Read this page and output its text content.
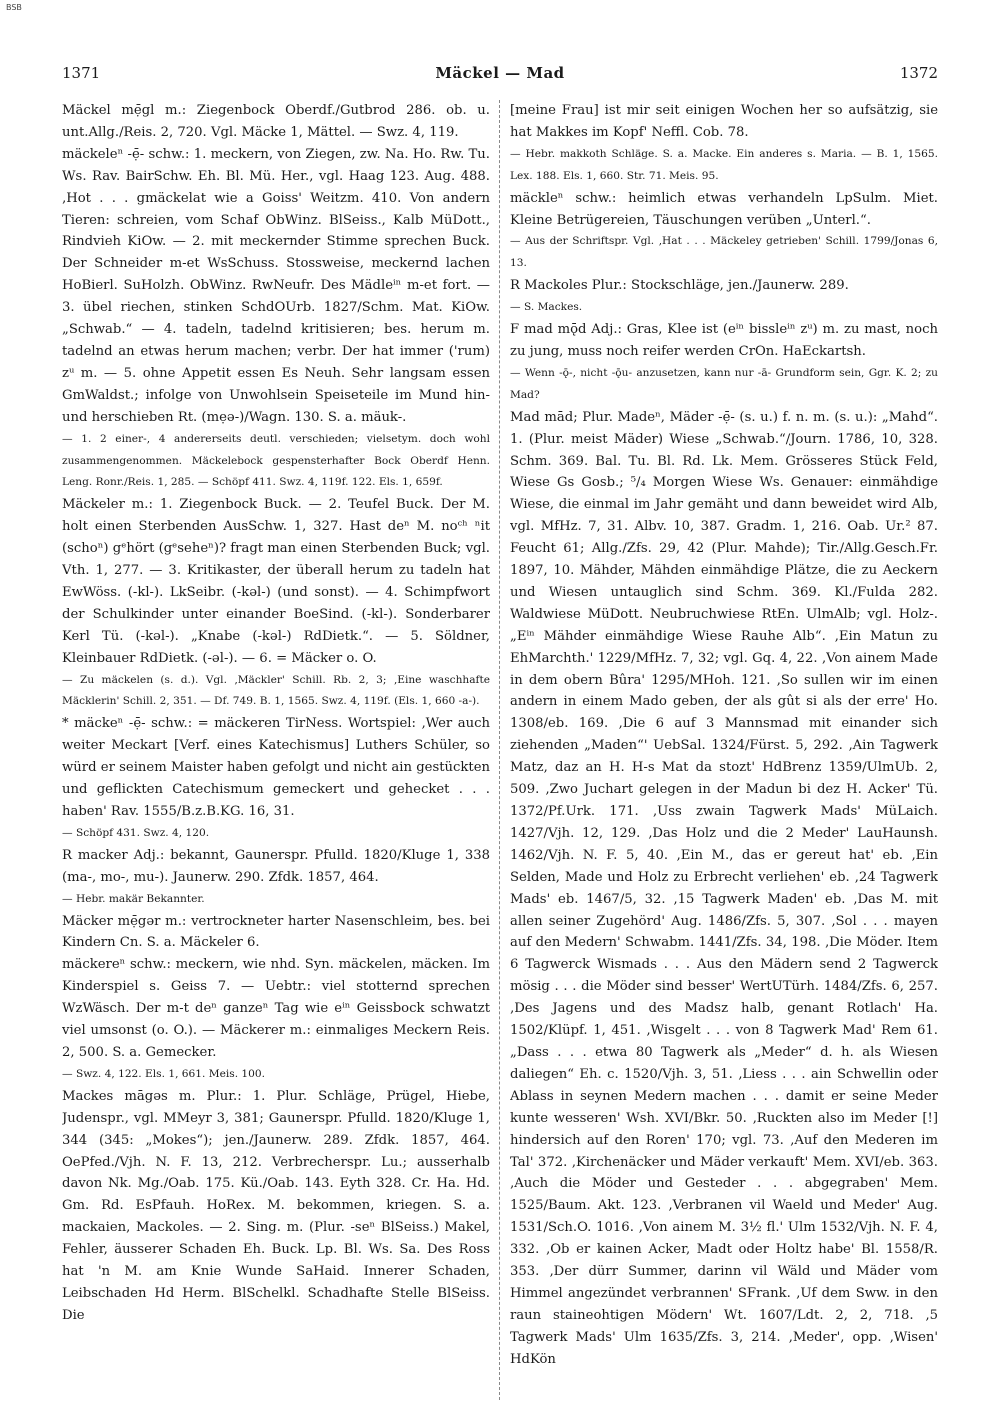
BSB
1371	Mäckel — Mad	1372

Mäckel mẹ̄gl m.: Ziegenbock Oberdf./Gutbrod 286. ob. u. unt.Allg./Reis. 2, 720. Vgl. Mäcke 1, Mättel. — Swz. 4, 119.

mäckeleⁿ -ẹ̄- schw.: 1. meckern, von Ziegen, zw. Na. Ho. Rw. Tu. Ws. Rav. BairSchw. Eh. Bl. Mü. Her., vgl. Haag 123. Aug. 488. ‚Hot . . . gmäckelat wie a Goiss' Weitzm. 410. Von andern Tieren: schreien, vom Schaf ObWinz. BlSeiss., Kalb MüDott., Rindvieh KiOw. — 2. mit meckernder Stimme sprechen Buck. Der Schneider m-et WsSchuss. Stossweise, meckernd lachen HoBierl. SuHolzh. ObWinz. RwNeufr. Des Mädleⁱⁿ m-et fort. — 3. übel riechen, stinken SchdOUrb. 1827/Schm. Mat. KiOw. „Schwab.“ — 4. tadeln, tadelnd kritisieren; bes. herum m. tadelnd an etwas herum machen; verbr. Der hat immer ('rum) zᵘ m. — 5. ohne Appetit essen Es Neuh. Sehr langsam essen GmWaldst.; infolge von Unwohlsein Speiseteile im Mund hin- und herschieben Rt. (mẹə-)/Wagn. 130. S. a. mäuk-.

— 1. 2 einer-, 4 andererseits deutl. verschieden; vielsetym. doch wohl zusammengenommen. Mäckelebock gespensterhafter Bock Oberdf Henn. Leng. Ronr./Reis. 1, 285. — Schöpf 411. Swz. 4, 119f. 122. Els. 1, 659f.

Mäckeler m.: 1. Ziegenbock Buck. — 2. Teufel Buck. Der M. holt einen Sterbenden AusSchw. 1, 327. Hast deⁿ M. noᶜʰ ⁿit (schoⁿ) gᵉhört (gᵉseheⁿ)? fragt man einen Sterbenden Buck; vgl. Vth. 1, 277. — 3. Kritikaster, der überall herum zu tadeln hat EwWöss. (-kl-). LkSeibr. (-kəl-) (und sonst). — 4. Schimpfwort der Schulkinder unter einander BoeSind. (-kl-). Sonderbarer Kerl Tü. (-kəl-). „Knabe (-kəl-) RdDietk.“. — 5. Söldner, Kleinbauer RdDietk. (-əl-). — 6. = Mäcker o. O.

— Zu mäckelen (s. d.). Vgl. ‚Mäckler' Schill. Rb. 2, 3; ‚Eine waschhafte Mäcklerin' Schill. 2, 351. — Df. 749. B. 1, 1565. Swz. 4, 119f. (Els. 1, 660 -a-).

* mäckeⁿ -ẹ̄- schw.: = mäckeren TirNess. Wortspiel: ‚Wer auch weiter Meckart [Verf. eines Katechismus] Luthers Schüler, so würd er seinem Maister haben gefolgt und nicht ain gestückten und geflickten Catechismum gemeckert und gehecket . . . haben' Rav. 1555/B.z.B.KG. 16, 31.

— Schöpf 431. Swz. 4, 120.

R macker Adj.: bekannt, Gaunerspr. Pfulld. 1820/Kluge 1, 338 (ma-, mo-, mu-). Jaunerw. 290. Zfdk. 1857, 464.

— Hebr. makär Bekannter.

Mäcker mẹ̄gər m.: vertrockneter harter Nasenschleim, bes. bei Kindern Cn. S. a. Mäckeler 6.

mäckereⁿ schw.: meckern, wie nhd. Syn. mäckelen, mäcken. Im Kinderspiel s. Geiss 7. — Uebtr.: viel stotternd sprechen WzWäsch. Der m-t deⁿ ganzeⁿ Tag wie eⁱⁿ Geissbock schwatzt viel umsonst (o. O.). — Mäckerer m.: einmaliges Meckern Reis. 2, 500. S. a. Gemecker.

— Swz. 4, 122. Els. 1, 661. Meis. 100.

Mackes māgəs m. Plur.: 1. Plur. Schläge, Prügel, Hiebe, Judenspr., vgl. MMeyr 3, 381; Gaunerspr. Pfulld. 1820/Kluge 1, 344 (345: „Mokes“); jen./Jaunerw. 289. Zfdk. 1857, 464. OePfed./Vjh. N. F. 13, 212. Verbrecherspr. Lu.; ausserhalb davon Nk. Mg./Oab. 175. Kü./Oab. 143. Eyth 328. Cr. Ha. Hd. Gm. Rd. EsPfauh. HoRex. M. bekommen, kriegen. S. a. mackaien, Mackoles. — 2. Sing. m. (Plur. -seⁿ BlSeiss.) Makel, Fehler, äusserer Schaden Eh. Buck. Lp. Bl. Ws. Sa. Des Ross hat 'n M. am Knie Wunde SaHaid. Innerer Schaden, Leibschaden Hd Herm. BlSchelkl. Schadhafte Stelle BlSeiss. Die

[meine Frau] ist mir seit einigen Wochen her so aufsätzig, sie hat Makkes im Kopf' Neffl. Cob. 78.

— Hebr. makkoth Schläge. S. a. Macke. Ein anderes s. Maria. — B. 1, 1565. Lex. 188. Els. 1, 660. Str. 71. Meis. 95.

mäckleⁿ schw.: heimlich etwas verhandeln LpSulm. Miet. Kleine Betrügereien, Täuschungen verüben „Unterl.“.

— Aus der Schriftspr. Vgl. ‚Hat . . . Mäckeley getrieben' Schill. 1799/Jonas 6, 13.

R Mackoles Plur.: Stockschläge, jen./Jaunerw. 289.

— S. Mackes.

F mad mǭd Adj.: Gras, Klee ist (eⁱⁿ bissleⁱⁿ zᵘ) m. zu mast, noch zu jung, muss noch reifer werden CrOn. HaEckartsh.

— Wenn -ǭ-, nicht -ǭu- anzusetzen, kann nur -ā- Grundform sein, Ggr. K. 2; zu Mad?

Mad mād; Plur. Madeⁿ, Mäder -ẹ̄- (s. u.) f. n. m. (s. u.): „Mahd“. 1. (Plur. meist Mäder) Wiese „Schwab.“/Journ. 1786, 10, 328. Schm. 369. Bal. Tu. Bl. Rd. Lk. Mem. Grösseres Stück Feld, Wiese Gs Gosb.; ⁵/₄ Morgen Wiese Ws. Genauer: einmähdige Wiese, die einmal im Jahr gemäht und dann beweidet wird Alb, vgl. MfHz. 7, 31. Albv. 10, 387. Gradm. 1, 216. Oab. Ur.² 87. Feucht 61; Allg./Zfs. 29, 42 (Plur. Mahde); Tir./Allg.Gesch.Fr. 1897, 10. Mähder, Mähden einmähdige Plätze, die zu Aeckern und Wiesen untauglich sind Schm. 369. Kl./Fulda 282. Waldwiese MüDott. Neubruchwiese RtEn. UlmAlb; vgl. Holz-. „Eⁱⁿ Mähder einmähdige Wiese Rauhe Alb“. ‚Ein Matun zu EhMarchth.' 1229/MfHz. 7, 32; vgl. Gq. 4, 22. ‚Von ainem Made in dem obern Bûra' 1295/MHoh. 121. ‚So sullen wir im einen andern in einem Mado geben, der als gût si als der erre' Ho. 1308/eb. 169. ‚Die 6 auf 3 Mannsmad mit einander sich ziehenden „Maden“' UebSal. 1324/Fürst. 5, 292. ‚Ain Tagwerk Matz, daz an H. H-s Mat da stozt' HdBrenz 1359/UlmUb. 2, 509. ‚Zwo Juchart gelegen in der Madun bi dez H. Acker' Tü. 1372/Pf.Urk. 171. ‚Uss zwain Tagwerk Mads' MüLaich. 1427/Vjh. 12, 129. ‚Das Holz und die 2 Meder' LauHaunsh. 1462/Vjh. N. F. 5, 40. ‚Ein M., das er gereut hat' eb. ‚Ein Selden, Made und Holz zu Erbrecht verliehen' eb. ‚24 Tagwerk Mads' eb. 1467/5, 32. ‚15 Tagwerk Maden' eb. ‚Das M. mit allen seiner Zugehörd' Aug. 1486/Zfs. 5, 307. ‚Sol . . . mayen auf den Medern' Schwabm. 1441/Zfs. 34, 198. ‚Die Möder. Item 6 Tagwerck Wismads . . . Aus den Mädern send 2 Tagwerck mösig . . . die Möder sind besser' WertUTürh. 1484/Zfs. 6, 257. ‚Des Jagens und des Madsz halb, genant Rotlach' Ha. 1502/Klüpf. 1, 451. ‚Wisgelt . . . von 8 Tagwerk Mad' Rem 61. „Dass . . . etwa 80 Tagwerk als „Meder“ d. h. als Wiesen daliegen“ Eh. c. 1520/Vjh. 3, 51. ‚Liess . . . ain Schwellin oder Ablass in seynen Medern machen . . . damit er seine Meder kunte wesseren' Wsh. XVI/Bkr. 50. ‚Ruckten also im Meder [!] hindersich auf den Roren' 170; vgl. 73. ‚Auf den Mederen im Tal' 372. ‚Kirchenäcker und Mäder verkauft' Mem. XVI/eb. 363. ‚Auch die Möder und Gesteder . . . abgegraben' Mem. 1525/Baum. Akt. 123. ‚Verbranen vil Waeld und Meder' Aug. 1531/Sch.O. 1016. ‚Von ainem M. 3½ fl.' Ulm 1532/Vjh. N. F. 4, 332. ‚Ob er kainen Acker, Madt oder Holtz habe' Bl. 1558/R. 353. ‚Der dürr Summer, darinn vil Wäld und Mäder vom Himmel angezündet verbrannen' SFrank. ‚Uf dem Sww. in den raun staineohtigen Mödern' Wt. 1607/Ldt. 2, 2, 718. ‚5 Tagwerk Mads' Ulm 1635/Zfs. 3, 214. ‚Meder', opp. ‚Wisen' HdKön
